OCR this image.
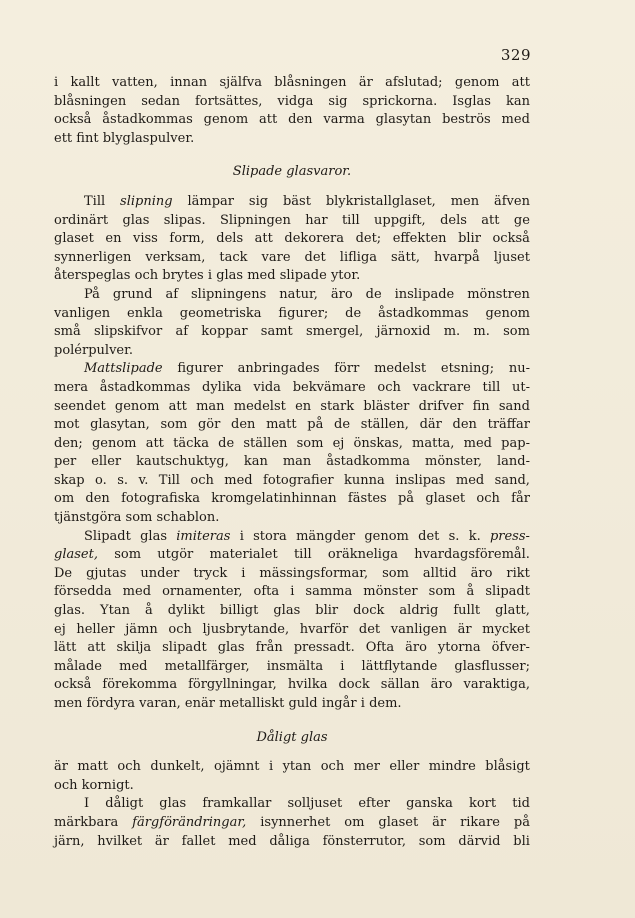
329
i kallt vatten, innan själfva blåsningen är afslutad; genom att
blåsningen sedan fortsättes, vidga sig sprickorna. Isglas kan
också åstadkommas genom att den varma glasytan beströs med
ett fint blyglaspulver.
Slipade glasvaror.
Till slipning lämpar sig bäst blykristallglaset, men äfven
ordinärt glas slipas. Slipningen har till uppgift, dels att ge
glaset en viss form, dels att dekorera det; effekten blir också
synnerligen verksam, tack vare det lifliga sätt, hvarpå ljuset
återspeglas och brytes i glas med slipade ytor.
På grund af slipningens natur, äro de inslipade mönstren
vanligen enkla geometriska figurer; de åstadkommas genom
små slipskifvor af koppar samt smergel, järnoxid m. m. som
polérpulver.
Mattslipade figurer anbringades förr medelst etsning; nu-
mera åstadkommas dylika vida bekvämare och vackrare till ut-
seendet genom att man medelst en stark bläster drifver fin sand
mot glasytan, som gör den matt på de ställen, där den träffar
den; genom att täcka de ställen som ej önskas, matta, med pap-
per eller kautschuktyg, kan man åstadkomma mönster, land-
skap o. s. v. Till och med fotografier kunna inslipas med sand,
om den fotografiska kromgelatinhinnan fästes på glaset och får
tjänstgöra som schablon.
Slipadt glas imiteras i stora mängder genom det s. k. press-
glaset, som utgör materialet till oräkneliga hvardagsföremål.
De gjutas under tryck i mässingsformar, som alltid äro rikt
försedda med ornamenter, ofta i samma mönster som å slipadt
glas. Ytan å dylikt billigt glas blir dock aldrig fullt glatt,
ej heller jämn och ljusbrytande, hvarför det vanligen är mycket
lätt att skilja slipadt glas från pressadt. Ofta äro ytorna öfver-
målade med metallfärger, insmälta i lättflytande glasflusser;
också förekomma förgyllningar, hvilka dock sällan äro varaktiga,
men fördyra varan, enär metalliskt guld ingår i dem.
Dåligt glas
är matt och dunkelt, ojämnt i ytan och mer eller mindre blåsigt
och kornigt.
I dåligt glas framkallar solljuset efter ganska kort tid
märkbara färgförändringar, isynnerhet om glaset är rikare på
järn, hvilket är fallet med dåliga fönsterrutor, som därvid bli
